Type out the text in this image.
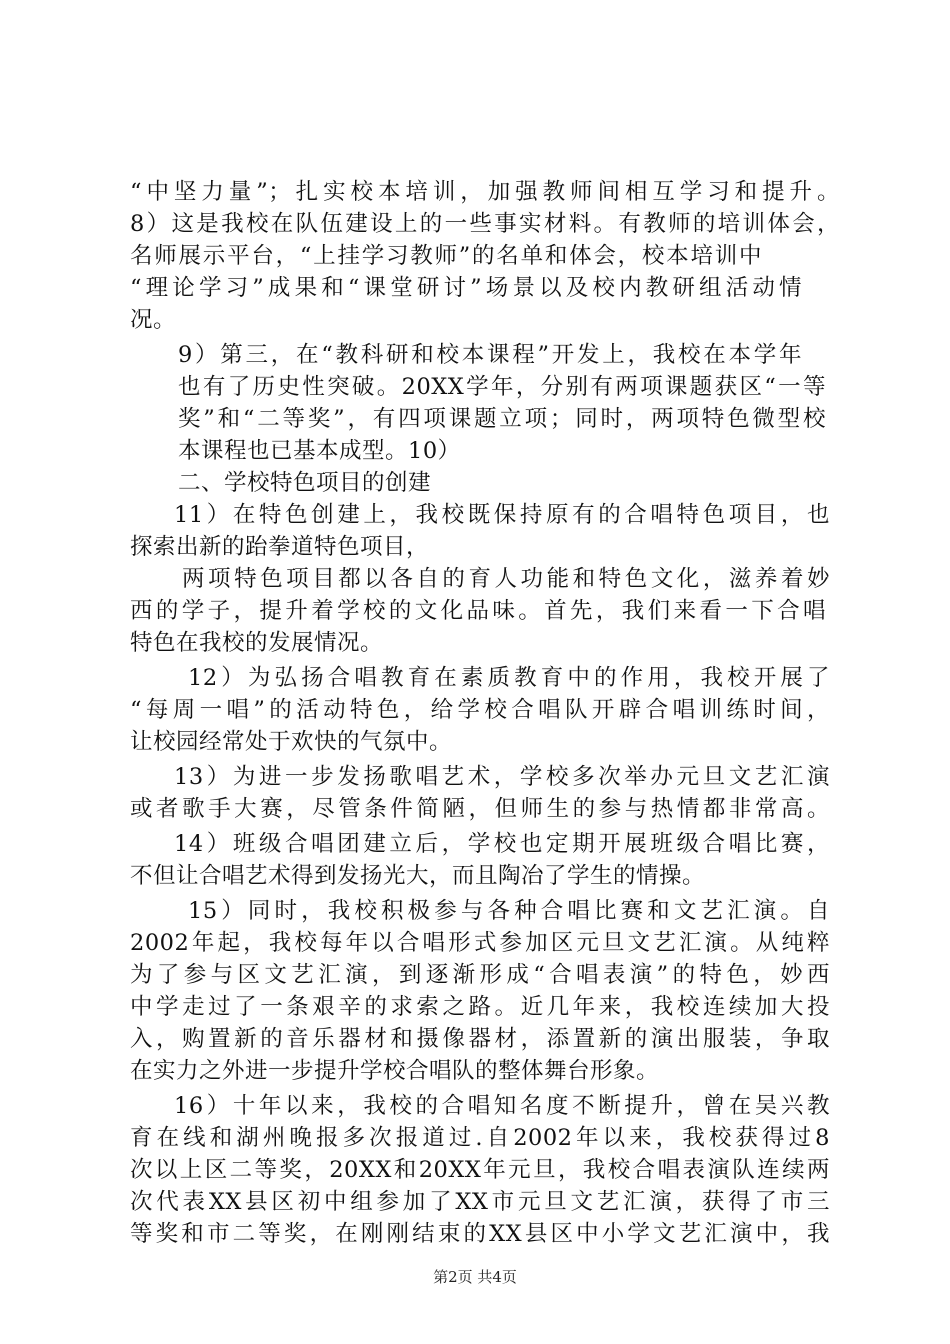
“中坚力量”；扎实校本培训，加强教师间相互学习和提升。
8）这是我校在队伍建设上的一些事实材料。有教师的培训体会，
名师展示平台，“上挂学习教师”的名单和体会，校本培训中
“理论学习”成果和“课堂研讨”场景以及校内教研组活动情
况。
9）第三，在“教科研和校本课程”开发上，我校在本学年
也有了历史性突破。20XX学年，分别有两项课题获区“一等
奖”和“二等奖”，有四项课题立项；同时，两项特色微型校
本课程也已基本成型。10）
二、学校特色项目的创建
11）在特色创建上，我校既保持原有的合唱特色项目，也
探索出新的跆拳道特色项目，
两项特色项目都以各自的育人功能和特色文化，滋养着妙
西的学子，提升着学校的文化品味。首先，我们来看一下合唱
特色在我校的发展情况。
12）为弘扬合唱教育在素质教育中的作用，我校开展了
“每周一唱”的活动特色，给学校合唱队开辟合唱训练时间，
让校园经常处于欢快的气氛中。
13）为进一步发扬歌唱艺术，学校多次举办元旦文艺汇演
或者歌手大赛，尽管条件简陋，但师生的参与热情都非常高。
14）班级合唱团建立后，学校也定期开展班级合唱比赛，
不但让合唱艺术得到发扬光大，而且陶冶了学生的情操。
15）同时，我校积极参与各种合唱比赛和文艺汇演。自
2002年起，我校每年以合唱形式参加区元旦文艺汇演。从纯粹
为了参与区文艺汇演，到逐渐形成“合唱表演”的特色，妙西
中学走过了一条艰辛的求索之路。近几年来，我校连续加大投
入，购置新的音乐器材和摄像器材，添置新的演出服装，争取
在实力之外进一步提升学校合唱队的整体舞台形象。
16）十年以来，我校的合唱知名度不断提升，曾在吴兴教
育在线和湖州晚报多次报道过.自2002年以来，我校获得过8
次以上区二等奖，20XX和20XX年元旦，我校合唱表演队连续两
次代表XX县区初中组参加了XX市元旦文艺汇演，获得了市三
等奖和市二等奖，在刚刚结束的XX县区中小学文艺汇演中，我
第2页 共4页
